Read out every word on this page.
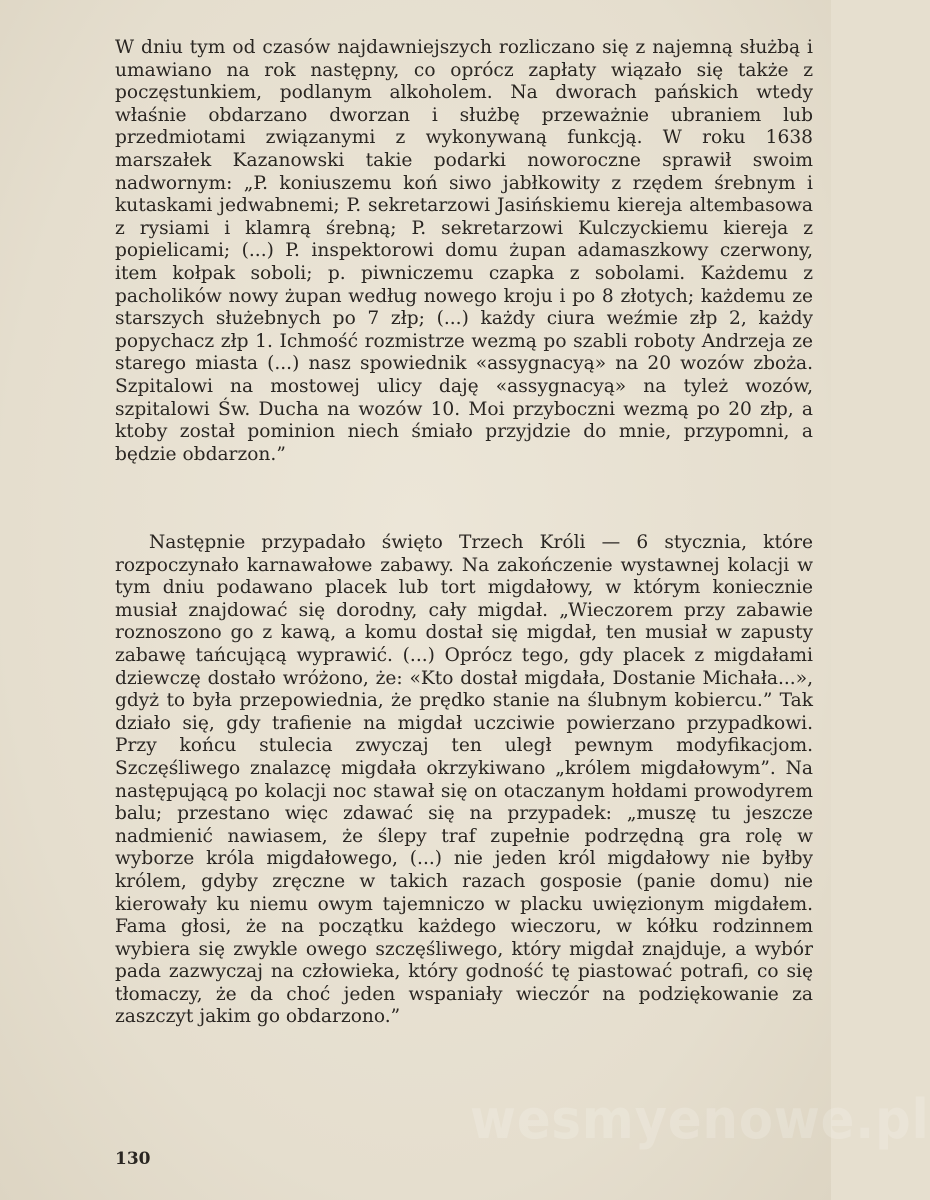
W dniu tym od czasów najdawniejszych rozliczano się z najemną służbą i umawiano na rok następny, co oprócz zapłaty wiązało się także z poczęstunkiem, podlanym alkoholem. Na dworach pańskich wtedy właśnie obdarzano dworzan i służbę przeważnie ubraniem lub przedmiotami związanymi z wykonywaną funkcją. W roku 1638 marszałek Kazanowski takie podarki noworoczne sprawił swoim nadwornym: „P. koniuszemu koń siwo jabłkowity z rzędem śrebnym i kutaskami jedwabnemi; P. sekretarzowi Jasińskiemu kiereja altembasowa z rysiami i klamrą śrebną; P. sekretarzowi Kulczyckiemu kiereja z popielicami; (...) P. inspektorowi domu żupan adamaszkowy czerwony, item kołpak soboli; p. piwniczemu czapka z sobolami. Każdemu z pacholików nowy żupan według nowego kroju i po 8 złotych; każdemu ze starszych służebnych po 7 złp; (...) każdy ciura weźmie złp 2, każdy popychacz złp 1. Ichmość rozmistrze wezmą po szabli roboty Andrzeja ze starego miasta (...) nasz spowiednik «assygnacyą» na 20 wozów zboża. Szpitalowi na mostowej ulicy daję «assygnacyą» na tyleż wozów, szpitalowi Św. Ducha na wozów 10. Moi przyboczni wezmą po 20 złp, a ktoby został pominion niech śmiało przyjdzie do mnie, przypomni, a będzie obdarzon.”

Następnie przypadało święto Trzech Króli — 6 stycznia, które rozpoczynało karnawałowe zabawy. Na zakończenie wystawnej kolacji w tym dniu podawano placek lub tort migdałowy, w którym koniecznie musiał znajdować się dorodny, cały migdał. „Wieczorem przy zabawie roznoszono go z kawą, a komu dostał się migdał, ten musiał w zapusty zabawę tańcującą wyprawić. (...) Oprócz tego, gdy placek z migdałami dziewczę dostało wróżono, że: «Kto dostał migdała, Dostanie Michała...», gdyż to była przepowiednia, że prędko stanie na ślubnym kobiercu.” Tak działo się, gdy trafienie na migdał uczciwie powierzano przypadkowi. Przy końcu stulecia zwyczaj ten uległ pewnym modyfikacjom. Szczęśliwego znalazcę migdała okrzykiwano „królem migdałowym”. Na następującą po kolacji noc stawał się on otaczanym hołdami prowodyrem balu; przestano więc zdawać się na przypadek: „muszę tu jeszcze nadmienić nawiasem, że ślepy traf zupełnie podrzędną gra rolę w wyborze króla migdałowego, (...) nie jeden król migdałowy nie byłby królem, gdyby zręczne w takich razach gosposie (panie domu) nie kierowały ku niemu owym tajemniczo w placku uwięzionym migdałem. Fama głosi, że na początku każdego wieczoru, w kółku rodzinnem wybiera się zwykle owego szczęśliwego, który migdał znajduje, a wybór pada zazwyczaj na człowieka, który godność tę piastować potrafi, co się tłomaczy, że da choć jeden wspaniały wieczór na podziękowanie za zaszczyt jakim go obdarzono.”

wesmyenowe.pl

130
